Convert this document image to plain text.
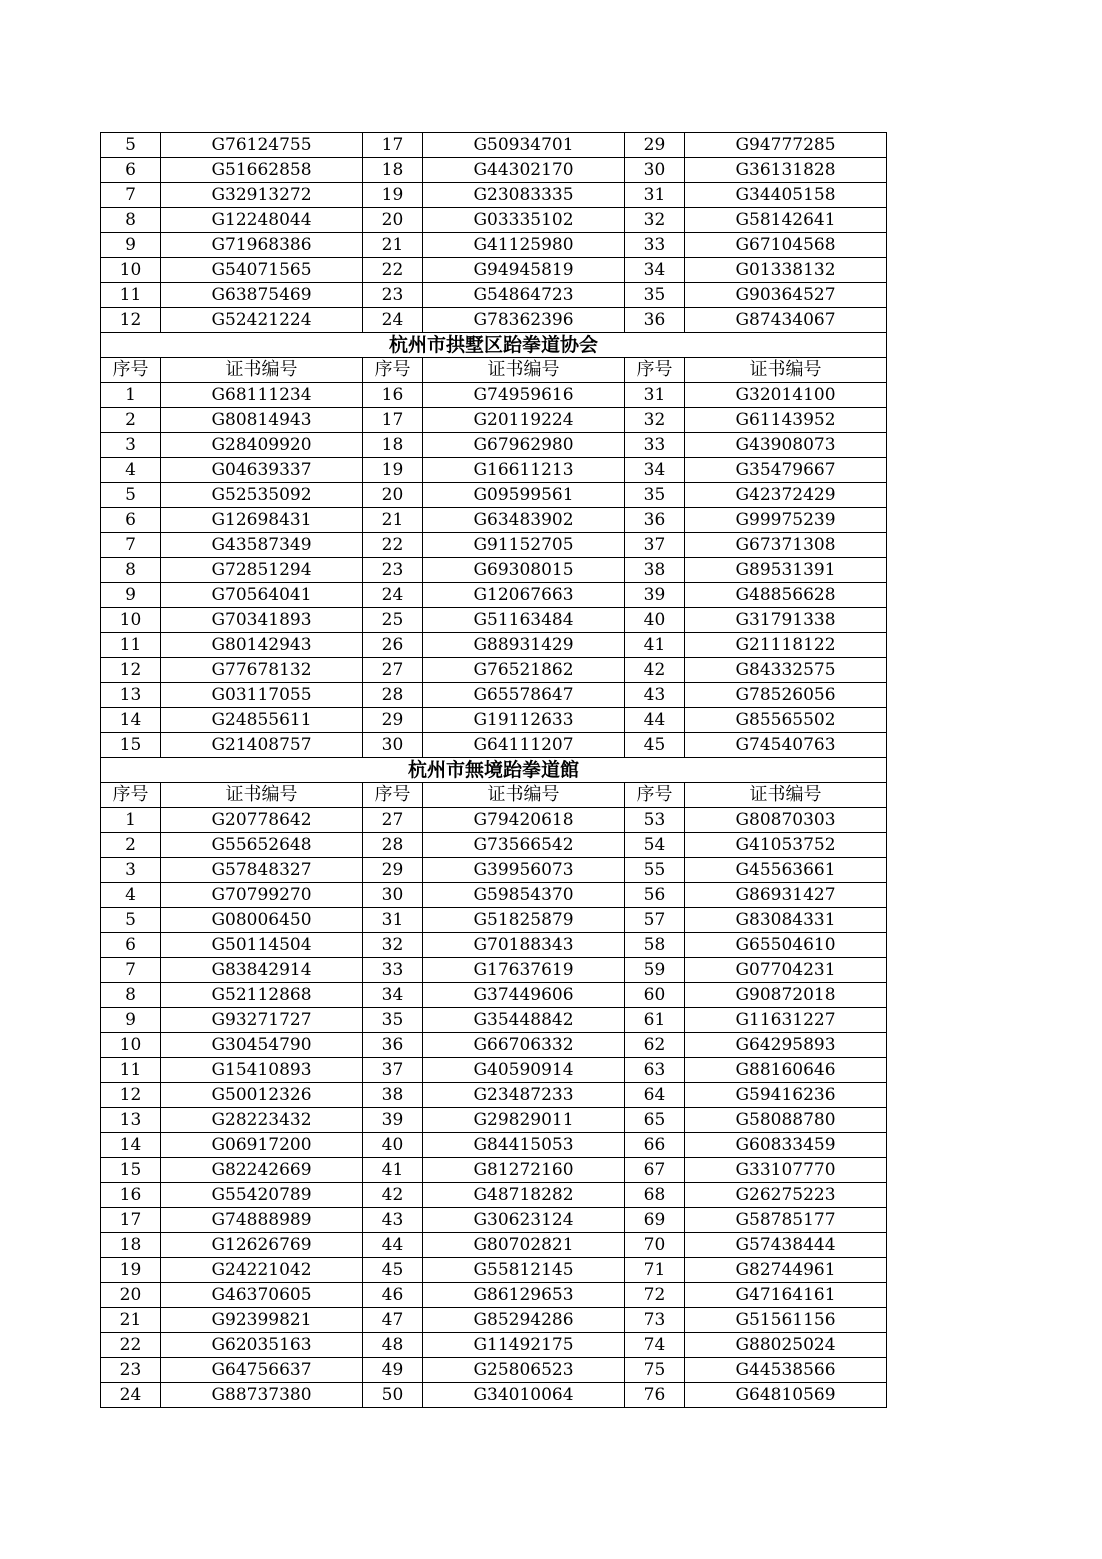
5	G76124755	17	G50934701	29	G94777285
6	G51662858	18	G44302170	30	G36131828
7	G32913272	19	G23083335	31	G34405158
8	G12248044	20	G03335102	32	G58142641
9	G71968386	21	G41125980	33	G67104568
10	G54071565	22	G94945819	34	G01338132
11	G63875469	23	G54864723	35	G90364527
12	G52421224	24	G78362396	36	G87434067
杭州市拱墅区跆拳道协会					
序号	证书编号	序号	证书编号	序号	证书编号
1	G68111234	16	G74959616	31	G32014100
2	G80814943	17	G20119224	32	G61143952
3	G28409920	18	G67962980	33	G43908073
4	G04639337	19	G16611213	34	G35479667
5	G52535092	20	G09599561	35	G42372429
6	G12698431	21	G63483902	36	G99975239
7	G43587349	22	G91152705	37	G67371308
8	G72851294	23	G69308015	38	G89531391
9	G70564041	24	G12067663	39	G48856628
10	G70341893	25	G51163484	40	G31791338
11	G80142943	26	G88931429	41	G21118122
12	G77678132	27	G76521862	42	G84332575
13	G03117055	28	G65578647	43	G78526056
14	G24855611	29	G19112633	44	G85565502
15	G21408757	30	G64111207	45	G74540763
杭州市無境跆拳道館					
序号	证书编号	序号	证书编号	序号	证书编号
1	G20778642	27	G79420618	53	G80870303
2	G55652648	28	G73566542	54	G41053752
3	G57848327	29	G39956073	55	G45563661
4	G70799270	30	G59854370	56	G86931427
5	G08006450	31	G51825879	57	G83084331
6	G50114504	32	G70188343	58	G65504610
7	G83842914	33	G17637619	59	G07704231
8	G52112868	34	G37449606	60	G90872018
9	G93271727	35	G35448842	61	G11631227
10	G30454790	36	G66706332	62	G64295893
11	G15410893	37	G40590914	63	G88160646
12	G50012326	38	G23487233	64	G59416236
13	G28223432	39	G29829011	65	G58088780
14	G06917200	40	G84415053	66	G60833459
15	G82242669	41	G81272160	67	G33107770
16	G55420789	42	G48718282	68	G26275223
17	G74888989	43	G30623124	69	G58785177
18	G12626769	44	G80702821	70	G57438444
19	G24221042	45	G55812145	71	G82744961
20	G46370605	46	G86129653	72	G47164161
21	G92399821	47	G85294286	73	G51561156
22	G62035163	48	G11492175	74	G88025024
23	G64756637	49	G25806523	75	G44538566
24	G88737380	50	G34010064	76	G64810569
